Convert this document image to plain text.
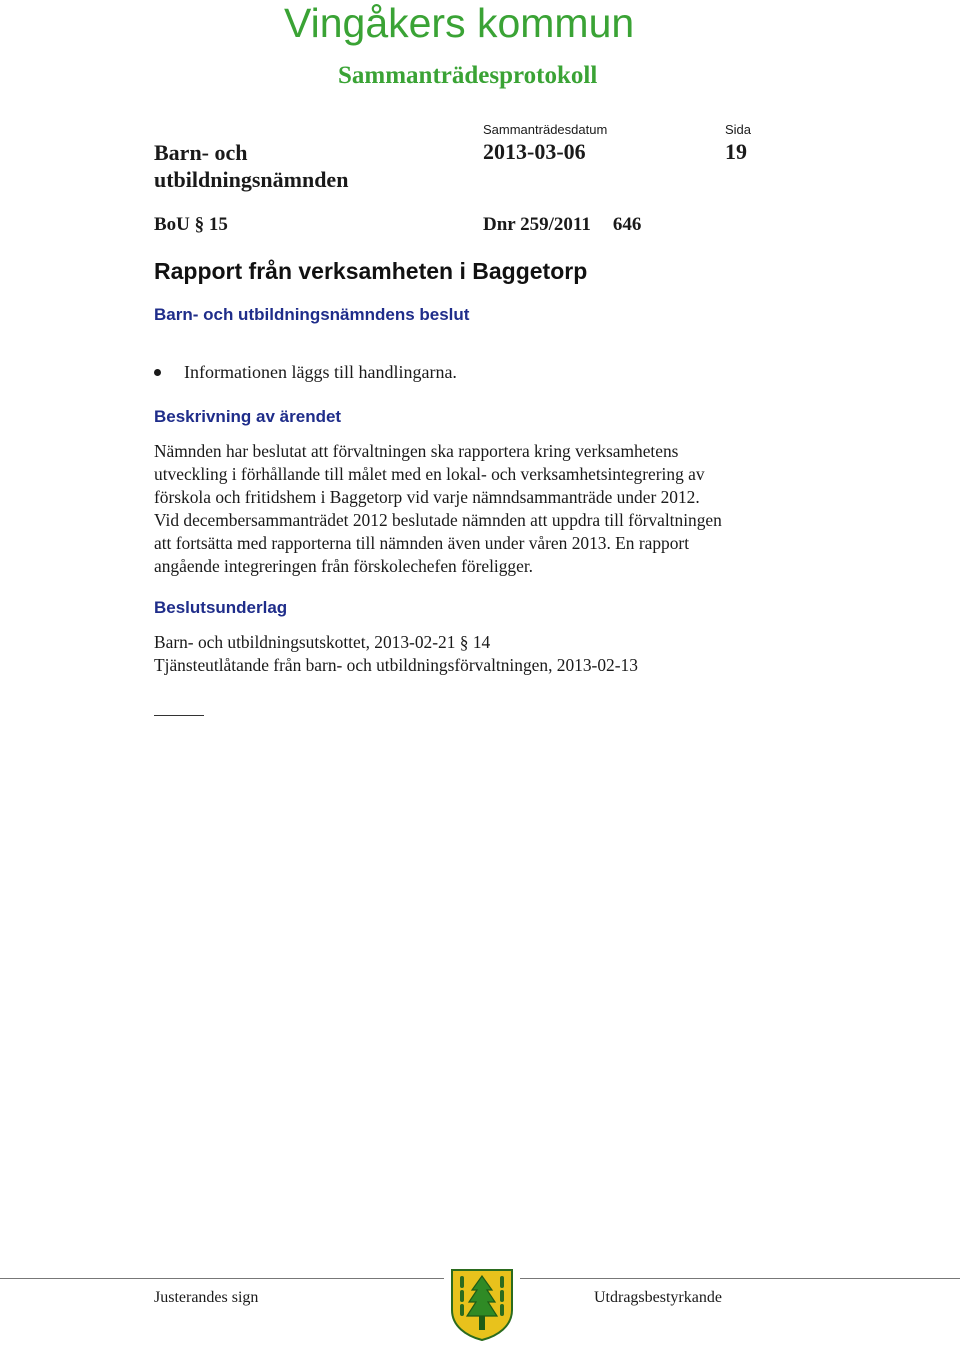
Vingåkers kommun
Sammanträdesprotokoll
Sammanträdesdatum	Sida
Barn- och
utbildningsnämnden
2013-03-06	19
BoU § 15	Dnr 259/2011 646
Rapport från verksamheten i Baggetorp
Barn- och utbildningsnämndens beslut
Informationen läggs till handlingarna.
Beskrivning av ärendet
Nämnden har beslutat att förvaltningen ska rapportera kring verksamhetens
utveckling i förhållande till målet med en lokal- och verksamhetsintegrering av
förskola och fritidshem i Baggetorp vid varje nämndsammanträde under 2012.
Vid decembersammanträdet 2012 beslutade nämnden att uppdra till förvaltningen
att fortsätta med rapporterna till nämnden även under våren 2013. En rapport
angående integreringen från förskolechefen föreligger.
Beslutsunderlag
Barn- och utbildningsutskottet, 2013-02-21 § 14
Tjänsteutlåtande från barn- och utbildningsförvaltningen, 2013-02-13
Justerandes sign	Utdragsbestyrkande
